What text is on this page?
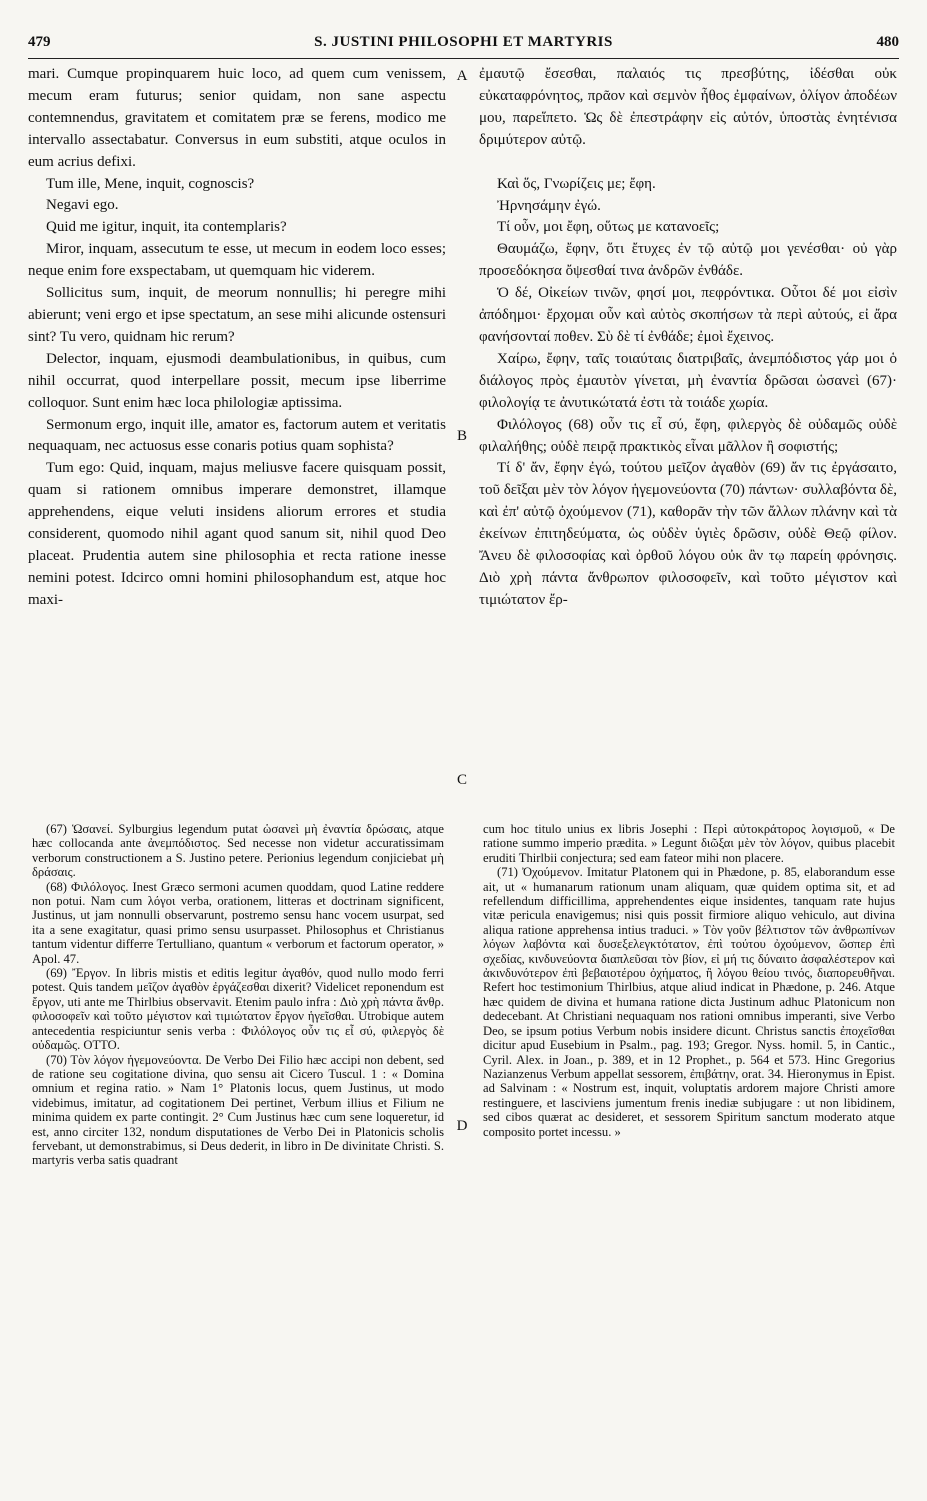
479	S. JUSTINI PHILOSOPHI ET MARTYRIS	480

mari. Cumque propinquarem huic loco, ad quem cum venissem, mecum eram futurus; senior quidam, non sane aspectu contemnendus, gravitatem et comitatem præ se ferens, modico me intervallo assectabatur. Conversus in eum substiti, atque oculos in eum acrius defixi.

Tum ille, Mene, inquit, cognoscis?

Negavi ego.

Quid me igitur, inquit, ita contemplaris?

Miror, inquam, assecutum te esse, ut mecum in eodem loco esses; neque enim fore exspectabam, ut quemquam hic viderem.

Sollicitus sum, inquit, de meorum nonnullis; hi peregre mihi abierunt; veni ergo et ipse spectatum, an sese mihi alicunde ostensuri sint? Tu vero, quidnam hic rerum?

Delector, inquam, ejusmodi deambulationibus, in quibus, cum nihil occurrat, quod interpellare possit, mecum ipse liberrime colloquor. Sunt enim hæc loca philologiæ aptissima.

Sermonum ergo, inquit ille, amator es, factorum autem et veritatis nequaquam, nec actuosus esse conaris potius quam sophista?

Tum ego: Quid, inquam, majus meliusve facere quisquam possit, quam si rationem omnibus imperare demonstret, illamque apprehendens, eique veluti insidens aliorum errores et studia considerent, quomodo nihil agant quod sanum sit, nihil quod Deo placeat. Prudentia autem sine philosophia et recta ratione inesse nemini potest. Idcirco omni homini philosophandum est, atque hoc maxi-

A
B
C
D

ἐμαυτῷ ἔσεσθαι, παλαιός τις πρεσβύτης, ἰδέσθαι οὐκ εὐκαταφρόνητος, πρᾶον καὶ σεμνὸν ἦθος ἐμφαίνων, ὀλίγον ἀποδέων μου, παρεἵπετο. Ὡς δὲ ἐπεστράφην εἰς αὐτόν, ὑποστὰς ἐνητένισα δριμύτερον αὐτῷ.

Καὶ ὅς, Γνωρίζεις με; ἔφη.

Ἠρνησάμην ἐγώ.

Τί οὖν, μοι ἔφη, οὕτως με κατανοεῖς;

Θαυμάζω, ἔφην, ὅτι ἔτυχες ἐν τῷ αὐτῷ μοι γενέσθαι· οὐ γὰρ προσεδόκησα ὄψεσθαί τινα ἀνδρῶν ἐνθάδε.

Ὁ δέ, Οἰκείων τινῶν, φησί μοι, πεφρόντικα. Οὗτοι δέ μοι εἰσὶν ἀπόδημοι· ἔρχομαι οὖν καὶ αὐτὸς σκοπήσων τὰ περὶ αὐτούς, εἰ ἄρα φανήσονταί ποθεν. Σὺ δὲ τί ἐνθάδε; ἐμοὶ ἔχεινος.

Χαίρω, ἔφην, ταῖς τοιαύταις διατριβαῖς, ἀνεμπόδιστος γάρ μοι ὁ διάλογος πρὸς ἐμαυτὸν γίνεται, μὴ ἐναντία δρῶσαι ὡσανεὶ (67)· φιλολογίᾳ τε ἀνυτικώτατά ἐστι τὰ τοιάδε χωρία.

Φιλόλογος (68) οὖν τις εἶ σύ, ἔφη, φιλεργὸς δὲ οὐδαμῶς οὐδὲ φιλαλήθης; οὐδὲ πειρᾷ πρακτικὸς εἶναι μᾶλλον ἢ σοφιστής;

Τί δ' ἄν, ἔφην ἐγώ, τούτου μεῖζον ἀγαθὸν (69) ἄν τις ἐργάσαιτο, τοῦ δεῖξαι μὲν τὸν λόγον ἡγεμονεύοντα (70) πάντων· συλλαβόντα δὲ, καὶ ἐπ' αὐτῷ ὀχούμενον (71), καθορᾶν τὴν τῶν ἄλλων πλάνην καὶ τὰ ἐκείνων ἐπιτηδεύματα, ὡς οὐδὲν ὑγιὲς δρῶσιν, οὐδὲ Θεῷ φίλον. Ἄνευ δὲ φιλοσοφίας καὶ ὀρθοῦ λόγου οὐκ ἂν τῳ παρείη φρόνησις. Διὸ χρὴ πάντα ἄνθρωπον φιλοσοφεῖν, καὶ τοῦτο μέγιστον καὶ τιμιώτατον ἔρ-

(67) Ὡσανεί. Sylburgius legendum putat ὡσανεὶ μὴ ἐναντία δρώσαις, atque hæc collocanda ante ἀνεμπόδιστος. Sed necesse non videtur accuratissimam verborum constructionem a S. Justino petere. Perionius legendum conjiciebat μὴ δράσαις.

(68) Φιλόλογος. Inest Græco sermoni acumen quoddam, quod Latine reddere non potui. Nam cum λόγοι verba, orationem, litteras et doctrinam significent, Justinus, ut jam nonnulli observarunt, postremo sensu hanc vocem usurpat, sed ita a sene exagitatur, quasi primo sensu usurpasset. Philosophus et Christianus tantum videntur differre Tertulliano, quantum « verborum et factorum operator, » Apol. 47.

(69) Ἔργον. In libris mistis et editis legitur ἀγαθόν, quod nullo modo ferri potest. Quis tandem μεῖζον ἀγαθὸν ἐργάζεσθαι dixerit? Videlicet reponendum est ἔργον, uti ante me Thirlbius observavit. Etenim paulo infra : Διὸ χρὴ πάντα ἄνθρ. φιλοσοφεῖν καὶ τοῦτο μέγιστον καὶ τιμιώτατον ἔργον ἡγεῖσθαι. Utrobique autem antecedentia respiciuntur senis verba : Φιλόλογος οὖν τις εἶ σύ, φιλεργὸς δὲ οὐδαμῶς. OTTO.

(70) Τὸν λόγον ἡγεμονεύοντα. De Verbo Dei Filio hæc accipi non debent, sed de ratione seu cogitatione divina, quo sensu ait Cicero Tuscul. 1 : « Domina omnium et regina ratio. » Nam 1° Platonis locus, quem Justinus, ut modo videbimus, imitatur, ad cogitationem Dei pertinet, Verbum illius et Filium ne minima quidem ex parte contingit. 2° Cum Justinus hæc cum sene loqueretur, id est, anno circiter 132, nondum disputationes de Verbo Dei in Platonicis scholis fervebant, ut demonstrabimus, si Deus dederit, in libro in De divinitate Christi. S. martyris verba satis quadrant

cum hoc titulo unius ex libris Josephi : Περὶ αὐτοκράτορος λογισμοῦ, « De ratione summo imperio prædita. » Legunt διῶξαι μὲν τὸν λόγον, quibus placebit eruditi Thirlbii conjectura; sed eam fateor mihi non placere.

(71) Ὀχούμενον. Imitatur Platonem qui in Phædone, p. 85, elaborandum esse ait, ut « humanarum rationum unam aliquam, quæ quidem optima sit, et ad refellendum difficillima, apprehendentes eique insidentes, tanquam rate hujus vitæ pericula enavigemus; nisi quis possit firmiore aliquo vehiculo, aut divina aliqua ratione apprehensa intius traduci. » Τὸν γοῦν βέλτιστον τῶν ἀνθρωπίνων λόγων λαβόντα καὶ δυσεξελεγκτότατον, ἐπὶ τούτου ὀχούμενον, ὥσπερ ἐπὶ σχεδίας, κινδυνεύοντα διαπλεῦσαι τὸν βίον, εἰ μή τις δύναιτο ἀσφαλέστερον καὶ ἀκινδυνότερον ἐπὶ βεβαιοτέρου ὀχήματος, ἢ λόγου θείου τινός, διαπορευθῆναι. Refert hoc testimonium Thirlbius, atque aliud indicat in Phædone, p. 246. Atque hæc quidem de divina et humana ratione dicta Justinum adhuc Platonicum non dedecebant. At Christiani nequaquam nos rationi omnibus imperanti, sive Verbo Deo, se ipsum potius Verbum nobis insidere dicunt. Christus sanctis ἐποχεῖσθαι dicitur apud Eusebium in Psalm., pag. 193; Gregor. Nyss. homil. 5, in Cantic., Cyril. Alex. in Joan., p. 389, et in 12 Prophet., p. 564 et 573. Hinc Gregorius Nazianzenus Verbum appellat sessorem, ἐπιβάτην, orat. 34. Hieronymus in Epist. ad Salvinam : « Nostrum est, inquit, voluptatis ardorem majore Christi amore restinguere, et lasciviens jumentum frenis inediæ subjugare : ut non libidinem, sed cibos quærat ac desideret, et sessorem Spiritum sanctum moderato atque composito portet incessu. »
